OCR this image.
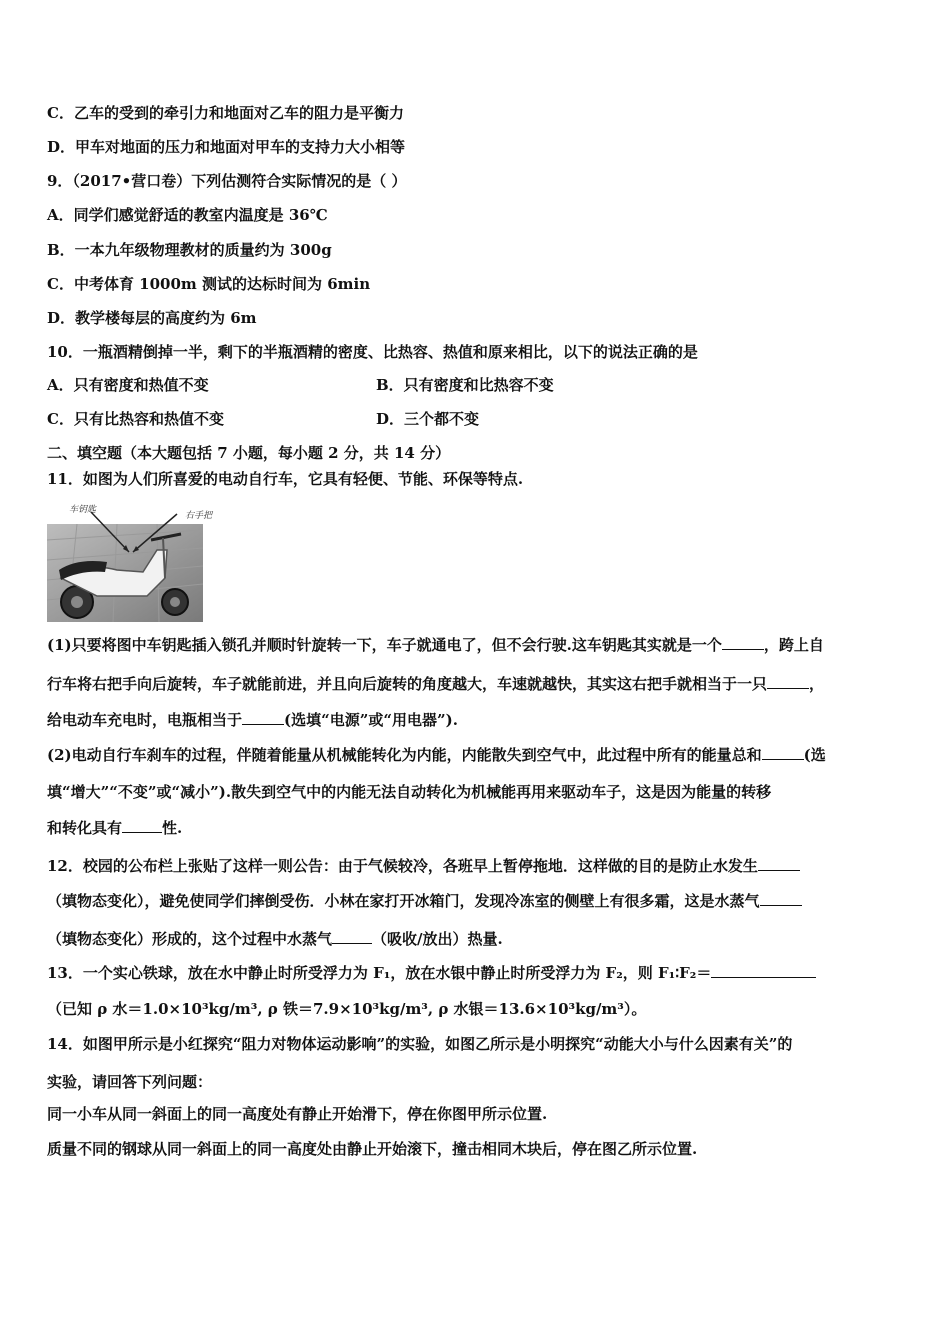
C．乙车的受到的牵引力和地面对乙车的阻力是平衡力
D．甲车对地面的压力和地面对甲车的支持力大小相等
9．（2017•营口卷）下列估测符合实际情况的是（ ）
A．同学们感觉舒适的教室内温度是 36℃
B．一本九年级物理教材的质量约为 300g
C．中考体育 1000m 测试的达标时间为 6min
D．教学楼每层的高度约为 6m
10．一瓶酒精倒掉一半，剩下的半瓶酒精的密度、比热容、热值和原来相比，以下的说法正确的是
A．只有密度和热值不变	B．只有密度和比热容不变
C．只有比热容和热值不变	D．三个都不变
二、填空题（本大题包括 7 小题，每小题 2 分，共 14 分）
11．如图为人们所喜爱的电动自行车，它具有轻便、节能、环保等特点.
车钥匙
右手把
(1)只要将图中车钥匙插入锁孔并顺时针旋转一下，车子就通电了，但不会行驶.这车钥匙其实就是一个	，跨上自
行车将右把手向后旋转，车子就能前进，并且向后旋转的角度越大，车速就越快，其实这右把手就相当于一只	，
给电动车充电时，电瓶相当于	(选填“电源”或“用电器”).
(2)电动自行车刹车的过程，伴随着能量从机械能转化为内能，内能散失到空气中，此过程中所有的能量总和	(选
填“增大”“不变”或“减小”).散失到空气中的内能无法自动转化为机械能再用来驱动车子，这是因为能量的转移
和转化具有	性.
12．校园的公布栏上张贴了这样一则公告：由于气候较冷，各班早上暂停拖地．这样做的目的是防止水发生
（填物态变化），避免使同学们摔倒受伤．小林在家打开冰箱门，发现冷冻室的侧壁上有很多霜，这是水蒸气
（填物态变化）形成的，这个过程中水蒸气	（吸收/放出）热量.
13．一个实心铁球，放在水中静止时所受浮力为 F₁，放在水银中静止时所受浮力为 F₂，则 F₁∶F₂＝
（已知 ρ 水＝1.0×10³kg/m³, ρ 铁＝7.9×10³kg/m³, ρ 水银＝13.6×10³kg/m³）。
14．如图甲所示是小红探究“阻力对物体运动影响”的实验，如图乙所示是小明探究“动能大小与什么因素有关”的
实验，请回答下列问题：
同一小车从同一斜面上的同一高度处有静止开始滑下，停在你图甲所示位置.
质量不同的钢球从同一斜面上的同一高度处由静止开始滚下，撞击相同木块后，停在图乙所示位置.
